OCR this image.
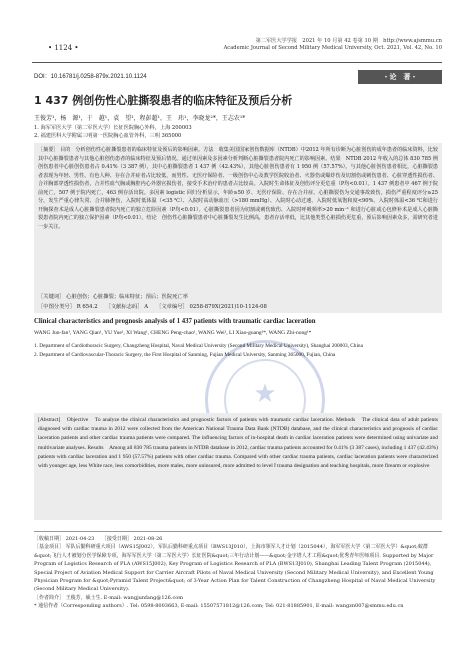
• 1124 •
第二军医大学学报　2021 年 10 月第 42 卷第 10 期　http://www.ajsmmu.cn
Academic Journal of Second Military Medical University, Oct. 2021, Vol. 42, No. 10
DOI：10.16781/j.0258-879x.2021.10.1124	・论　著・
1 437 例创伤性心脏撕裂患者的临床特征及预后分析
王俊芳¹，杨　源¹，于　越¹，袁　望¹，程彭超¹，王　玮¹，李晓龙²*，王志农¹*
1. 海军军医大学（第二军医大学）长征医院胸心外科，上海 200003
2. 福建医科大学附属三明第一医院胸心血管外科，三明 365000
［摘要］ 目的　分析创伤性心脏撕裂患者的临床特征及预后的影响因素。方法　收集美国国家创伤数据库（NTDB）中2012 年所有诊断为心脏创伤的成年患者的临床资料，比较其中心脏撕裂患者与其他心脏创伤患者的临床特征及预后情况。通过单因素及多因素分析判断心脏撕裂患者院内死亡的影响因素。结果　NTDB 2012 年收入的总体 830 785 例创伤患者中心脏创伤患者占 0.41%（3 387 例），其中心脏撕裂患者 1 437 例（42.43%），其他心脏创伤患者有 1 950 例（57.57%）。与其他心脏创伤患者相比，心脏撕裂患者表现为年轻、男性、有色人种、存在合并症者占比较低，而男性、无医疗保险者、一级创伤中心及教学医院收治者、火器伤或爆炸伤及切割伤或刺伤患者、心脏穿透性损伤者、合并胸部穿透性损伤者，合并性血气胸或胸腔内心外器官损伤者，接受手术治疗的患者占比较高。入院时生命体征及创伤评分更危重（P均<0.01）。1 437 例患者中 467 例于院前死亡，507 例于院内死亡，463 例存活出院。多因素 logistic 回归分析显示，年龄≥50 岁、无医疗保险、存在合并症、心脏撕裂伤为交通事故致伤，损伤严重程度评分≥25 分，发生严重心律失常、合并肺挫伤，入院时低体温（<35 ℃）、入院时高动脉血压（>180 mmHg）、入院时心动过速、入院时低氧饱和度<90%、入院时体温<36 ℃和进行开胸探查术是成人心脏撕裂患者院内死亡的独立危险因素（P均<0.01）。心脏撕裂患者因为切割或刺伤致伤、入院时呼吸频率>20 min⁻¹ 和进行心脏或心包修补术是成人心脏撕裂患者院内死亡的独立保护因素（P均<0.01）。结论　创伤性心脏撕裂患者中心脏撕裂发生比例高，患者存活率低，比其他类型心脏损伤更危重，预后影响因素众多，需研究者进一步关注。
［关键词］ 心脏创伤；心脏撕裂；临床特征；预后；医院死亡率
［中图分类号］ R 654.2　　［文献标志码］ A　　［文章编号］ 0258-879X(2021)10-1124-08
★
Clinical characteristics and prognosis analysis of 1 437 patients with traumatic cardiac laceration
WANG Jun-fan¹, YANG Qian¹, YU Yue¹, XI Wang¹, CHENG Peng-chao¹, WANG Wei¹, LI Xiao-guang²*, WANG Zhi-nong¹*
1. Department of Cardiothoracic Surgery, Changzheng Hospital, Naval Medical University (Second Military Medical University), Shanghai 200003, China
2. Department of Cardiovascular-Thoracic Surgery, the First Hospital of Sanming, Fujian Medical University, Sanming 365000, Fujian, China
[Abstract]　Objective　To analyze the clinical characteristics and prognostic factors of patients with traumatic cardiac laceration. Methods　The clinical data of adult patients diagnosed with cardiac trauma in 2012 were collected from the American National Trauma Data Bank (NTDB) database, and the clinical characteristics and prognosis of cardiac laceration patients and other cardiac trauma patients were compared. The influencing factors of in-hospital death in cardiac laceration patients were determined using univariate and multivariate analyses. Results　Among all 830 785 trauma patients in NTDB database in 2012, cardiac trauma patients accounted for 0.41% (3 387 cases), including 1 437 (42.43%) patients with cardiac laceration and 1 950 (57.57%) patients with other cardiac trauma. Compared with other cardiac trauma patients, cardiac laceration patients were characterized with younger age, less White race, less comorbidities, more males, more uninsured, more admitted to level Ⅰ trauma designation and teaching hospitals, more firearm or explosive
［收稿日期］ 2021-04-23　　［接受日期］ 2021-08-26
［基金项目］ 军队后勤科研重大项目（AWS15J002），军队后勤科研重点项目（BWS13J010），上海市领军人才计划（2015044），海军军医大学（第二军医大学）&quot;蚁群&quot;飞行人才被划分医学保障专项，海军军医大学（第二军医大学）长征医院&quot;三年行动计划——&quot;金字塔人才工程&quot;优秀青年医师项目. Supported by Major Program of Logistics Research of PLA (AWS15J002), Key Program of Logistics Research of PLA (BWS13J010), Shanghai Leading Talent Program (2015044), Special Project of Aviation Medical Support for Carrier Aircraft Pilots of Naval Medical University (Second Military Medical University), and Excellent Young Physician Program for &quot;Pyramid Talent Project&quot; of 3-Year Action Plan for Talent Construction of Changzheng Hospital of Naval Medical University (Second Military Medical University).
［作者简介］ 王俊芳，硕士生. E-mail: wangjunfang@126.com
* 通信作者（Corresponding authors）. Tel: 0598-8003663, E-mail: 15507571812@126.com; Tel: 021-81885901, E-mail: wangzn007@smmu.edu.cn
